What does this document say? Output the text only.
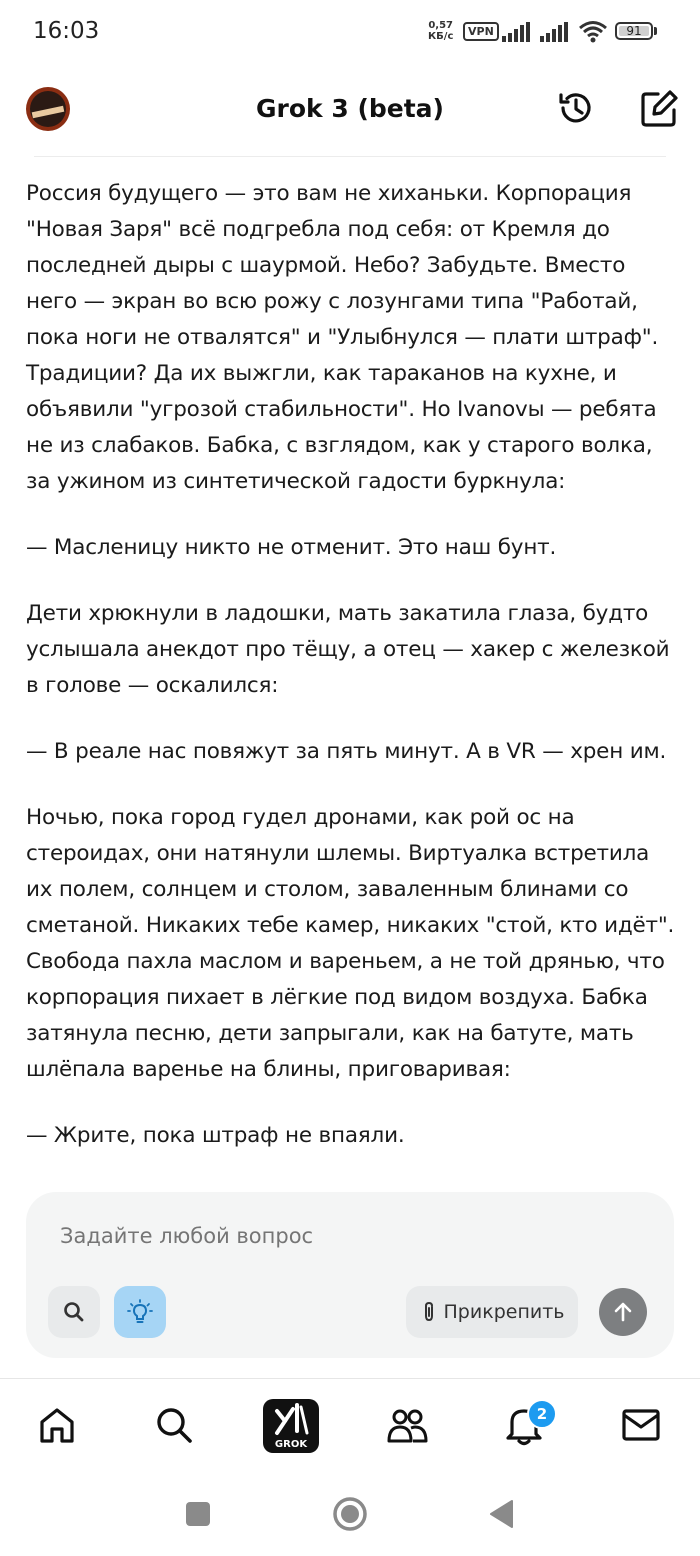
16:03	0,57
КБ/с	VPN	91
Grok 3 (beta)

Россия будущего — это вам не хиханьки. Корпорация "Новая Заря" всё подгребла под себя: от Кремля до последней дыры с шаурмой. Небо? Забудьте. Вместо него — экран во всю рожу с лозунгами типа "Работай, пока ноги не отвалятся" и "Улыбнулся — плати штраф". Традиции? Да их выжгли, как тараканов на кухне, и объявили "угрозой стабильности". Но Ivanovы — ребята не из слабаков. Бабка, с взглядом, как у старого волка, за ужином из синтетической гадости буркнула:

— Масленицу никто не отменит. Это наш бунт.

Дети хрюкнули в ладошки, мать закатила глаза, будто услышала анекдот про тёщу, а отец — хакер с железкой в голове — оскалился:

— В реале нас повяжут за пять минут. А в VR — хрен им.

Ночью, пока город гудел дронами, как рой ос на стероидах, они натянули шлемы. Виртуалка встретила их полем, солнцем и столом, заваленным блинами со сметаной. Никаких тебе камер, никаких "стой, кто идёт". Свобода пахла маслом и вареньем, а не той дрянью, что корпорация пихает в лёгкие под видом воздуха. Бабка затянула песню, дети запрыгали, как на батуте, мать шлёпала варенье на блины, приговаривая:

— Жрите, пока штраф не впаяли.

Задайте любой вопрос
Прикрепить
GROK
2
